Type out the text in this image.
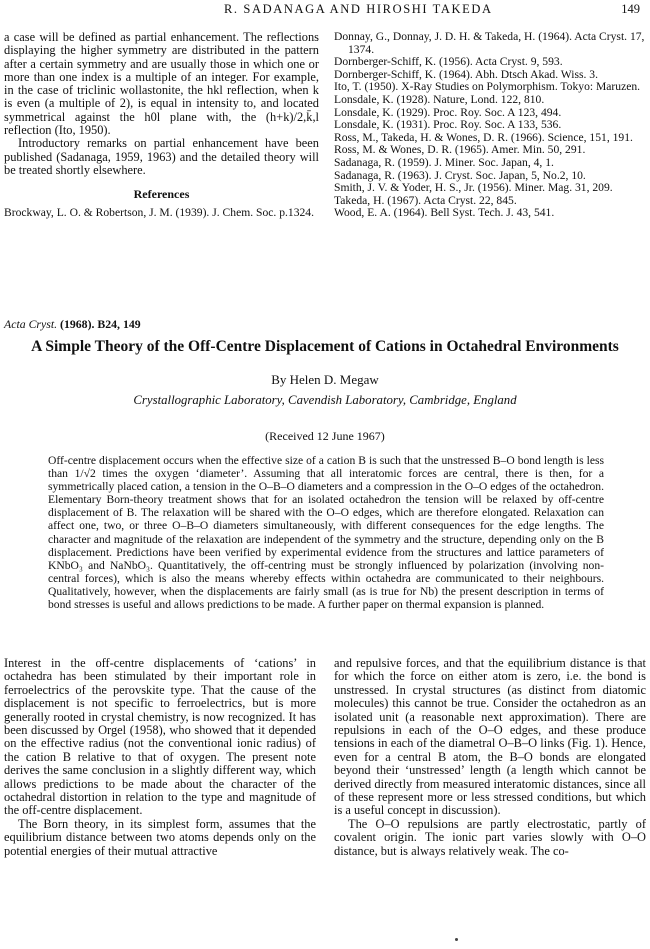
R. SADANAGA AND HIROSHI TAKEDA	149

a case will be defined as partial enhancement. The reflections displaying the higher symmetry are distributed in the pattern after a certain symmetry and are usually those in which one or more than one index is a multiple of an integer. For example, in the case of triclinic wollastonite, the hkl reflection, when k is even (a multiple of 2), is equal in intensity to, and located symmetrical against the h0l plane with, the (h+k)/2,k̄,l reflection (Ito, 1950).

Introductory remarks on partial enhancement have been published (Sadanaga, 1959, 1963) and the detailed theory will be treated shortly elsewhere.

References

Brockway, L. O. & Robertson, J. M. (1939). J. Chem. Soc. p.1324.

Donnay, G., Donnay, J. D. H. & Takeda, H. (1964). Acta Cryst. 17, 1374.

Dornberger-Schiff, K. (1956). Acta Cryst. 9, 593.

Dornberger-Schiff, K. (1964). Abh. Dtsch Akad. Wiss. 3.

Ito, T. (1950). X-Ray Studies on Polymorphism. Tokyo: Maruzen.

Lonsdale, K. (1928). Nature, Lond. 122, 810.

Lonsdale, K. (1929). Proc. Roy. Soc. A 123, 494.

Lonsdale, K. (1931). Proc. Roy. Soc. A 133, 536.

Ross, M., Takeda, H. & Wones, D. R. (1966). Science, 151, 191.

Ross, M. & Wones, D. R. (1965). Amer. Min. 50, 291.

Sadanaga, R. (1959). J. Miner. Soc. Japan, 4, 1.

Sadanaga, R. (1963). J. Cryst. Soc. Japan, 5, No.2, 10.

Smith, J. V. & Yoder, H. S., Jr. (1956). Miner. Mag. 31, 209.

Takeda, H. (1967). Acta Cryst. 22, 845.

Wood, E. A. (1964). Bell Syst. Tech. J. 43, 541.

Acta Cryst. (1968). B24, 149
A Simple Theory of the Off-Centre Displacement of Cations in Octahedral Environments
By Helen D. Megaw
Crystallographic Laboratory, Cavendish Laboratory, Cambridge, England
(Received 12 June 1967)
Off-centre displacement occurs when the effective size of a cation B is such that the unstressed B–O bond length is less than 1/√2 times the oxygen ‘diameter’. Assuming that all interatomic forces are central, there is then, for a symmetrically placed cation, a tension in the O–B–O diameters and a compression in the O–O edges of the octahedron. Elementary Born-theory treatment shows that for an isolated octahedron the tension will be relaxed by off-centre displacement of B. The relaxation will be shared with the O–O edges, which are therefore elongated. Relaxation can affect one, two, or three O–B–O diameters simultaneously, with different consequences for the edge lengths. The character and magnitude of the relaxation are independent of the symmetry and the structure, depending only on the B displacement. Predictions have been verified by experimental evidence from the structures and lattice parameters of KNbO₃ and NaNbO₃. Quantitatively, the off-centring must be strongly influenced by polarization (involving non-central forces), which is also the means whereby effects within octahedra are communicated to their neighbours. Qualitatively, however, when the displacements are fairly small (as is true for Nb) the present description in terms of bond stresses is useful and allows predictions to be made. A further paper on thermal expansion is planned.

Interest in the off-centre displacements of ‘cations’ in octahedra has been stimulated by their important role in ferroelectrics of the perovskite type. That the cause of the displacement is not specific to ferroelectrics, but is more generally rooted in crystal chemistry, is now recognized. It has been discussed by Orgel (1958), who showed that it depended on the effective radius (not the conventional ionic radius) of the cation B relative to that of oxygen. The present note derives the same conclusion in a slightly different way, which allows predictions to be made about the character of the octahedral distortion in relation to the type and magnitude of the off-centre displacement.

The Born theory, in its simplest form, assumes that the equilibrium distance between two atoms depends only on the potential energies of their mutual attractive

and repulsive forces, and that the equilibrium distance is that for which the force on either atom is zero, i.e. the bond is unstressed. In crystal structures (as distinct from diatomic molecules) this cannot be true. Consider the octahedron as an isolated unit (a reasonable next approximation). There are repulsions in each of the O–O edges, and these produce tensions in each of the diametral O–B–O links (Fig. 1). Hence, even for a central B atom, the B–O bonds are elongated beyond their ‘unstressed’ length (a length which cannot be derived directly from measured interatomic distances, since all of these represent more or less stressed conditions, but which is a useful concept in discussion).

The O–O repulsions are partly electrostatic, partly of covalent origin. The ionic part varies slowly with O–O distance, but is always relatively weak. The co-
